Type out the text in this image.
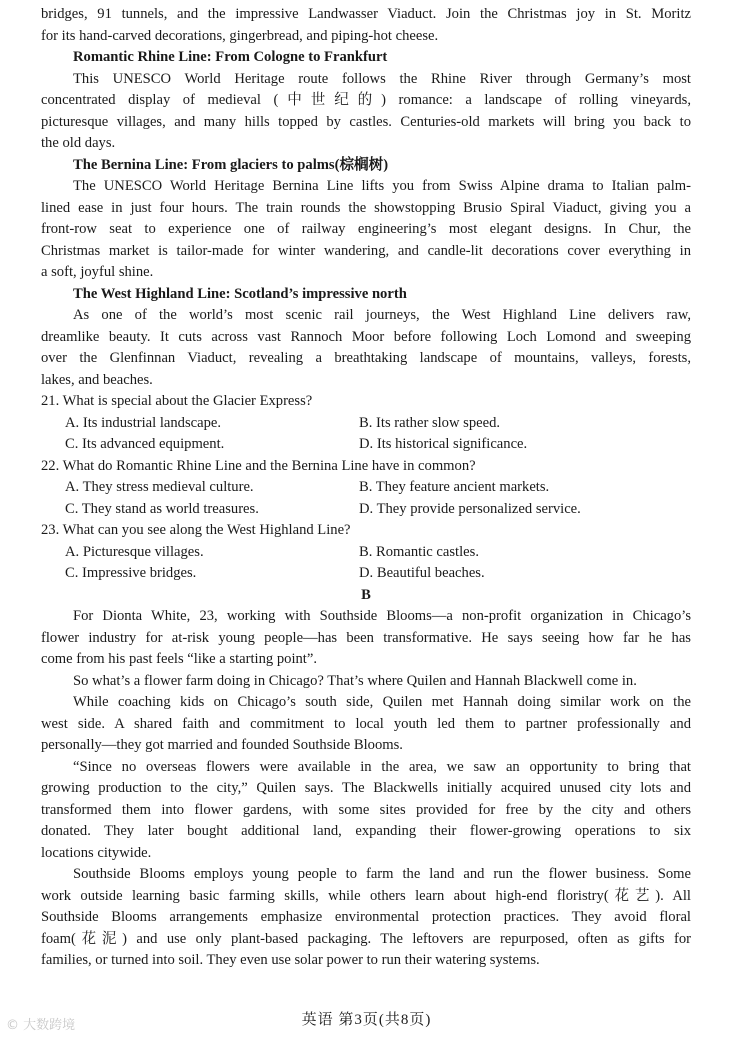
bridges, 91 tunnels, and the impressive Landwasser Viaduct. Join the Christmas joy in St. Moritz
for its hand-carved decorations, gingerbread, and piping-hot cheese.
Romantic Rhine Line: From Cologne to Frankfurt
This UNESCO World Heritage route follows the Rhine River through Germany’s most
concentrated display of medieval (中世纪的) romance: a landscape of rolling vineyards,
picturesque villages, and many hills topped by castles. Centuries-old markets will bring you back to
the old days.
The Bernina Line: From glaciers to palms(棕榈树)
The UNESCO World Heritage Bernina Line lifts you from Swiss Alpine drama to Italian palm-
lined ease in just four hours. The train rounds the showstopping Brusio Spiral Viaduct, giving you a
front-row seat to experience one of railway engineering’s most elegant designs. In Chur, the
Christmas market is tailor-made for winter wandering, and candle-lit decorations cover everything in
a soft, joyful shine.
The West Highland Line: Scotland’s impressive north
As one of the world’s most scenic rail journeys, the West Highland Line delivers raw,
dreamlike beauty. It cuts across vast Rannoch Moor before following Loch Lomond and sweeping
over the Glenfinnan Viaduct, revealing a breathtaking landscape of mountains, valleys, forests,
lakes, and beaches.
21. What is special about the Glacier Express?
A. Its industrial landscape.	B. Its rather slow speed.
C. Its advanced equipment.	D. Its historical significance.
22. What do Romantic Rhine Line and the Bernina Line have in common?
A. They stress medieval culture.	B. They feature ancient markets.
C. They stand as world treasures.	D. They provide personalized service.
23. What can you see along the West Highland Line?
A. Picturesque villages.	B. Romantic castles.
C. Impressive bridges.	D. Beautiful beaches.
B
For Dionta White, 23, working with Southside Blooms—a non-profit organization in Chicago’s
flower industry for at-risk young people—has been transformative. He says seeing how far he has
come from his past feels “like a starting point”.
So what’s a flower farm doing in Chicago? That’s where Quilen and Hannah Blackwell come in.
While coaching kids on Chicago’s south side, Quilen met Hannah doing similar work on the
west side. A shared faith and commitment to local youth led them to partner professionally and
personally—they got married and founded Southside Blooms.
“Since no overseas flowers were available in the area, we saw an opportunity to bring that
growing production to the city,” Quilen says. The Blackwells initially acquired unused city lots and
transformed them into flower gardens, with some sites provided for free by the city and others
donated. They later bought additional land, expanding their flower-growing operations to six
locations citywide.
Southside Blooms employs young people to farm the land and run the flower business. Some
work outside learning basic farming skills, while others learn about high-end floristry(花艺). All
Southside Blooms arrangements emphasize environmental protection practices. They avoid floral
foam(花泥) and use only plant-based packaging. The leftovers are repurposed, often as gifts for
families, or turned into soil. They even use solar power to run their watering systems.
英语 第3页(共8页)
© 大数跨境
